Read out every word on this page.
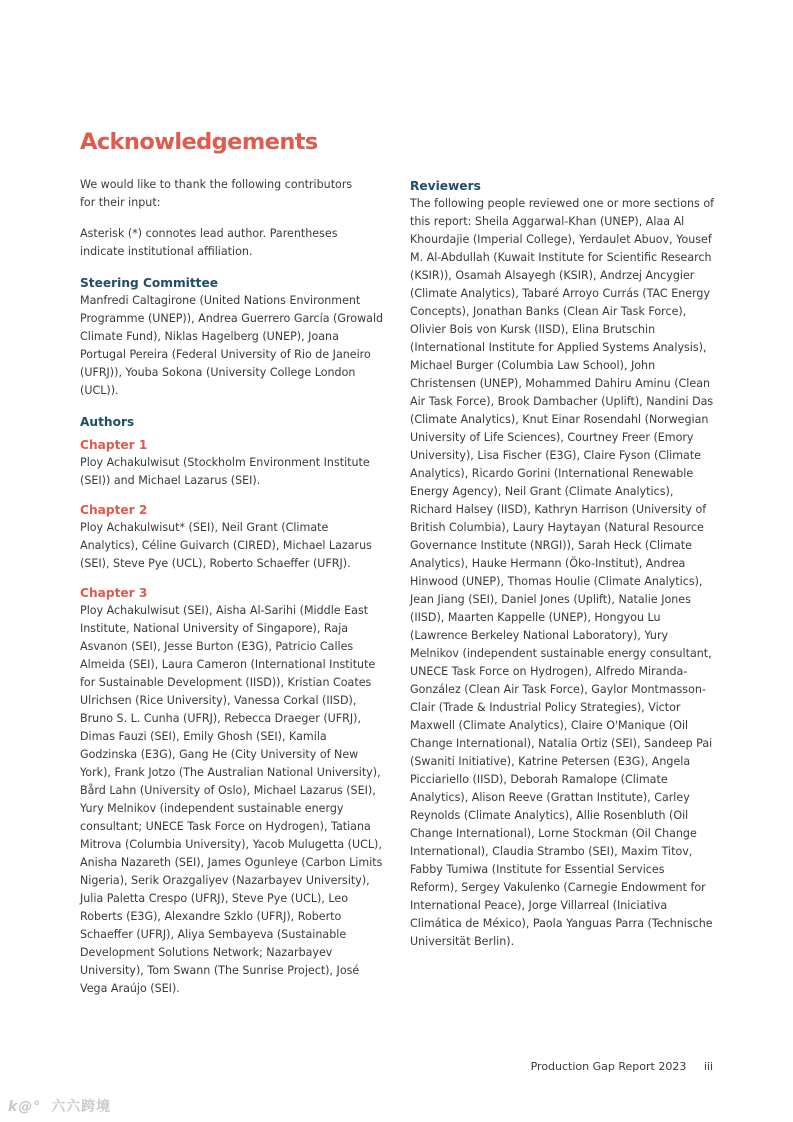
Acknowledgements

We would like to thank the following contributors for their input:

Asterisk (*) connotes lead author. Parentheses indicate institutional affiliation.

Steering Committee

Manfredi Caltagirone (United Nations Environment Programme (UNEP)), Andrea Guerrero García (Growald Climate Fund), Niklas Hagelberg (UNEP), Joana Portugal Pereira (Federal University of Rio de Janeiro (UFRJ)), Youba Sokona (University College London (UCL)).

Authors

Chapter 1

Ploy Achakulwisut (Stockholm Environment Institute (SEI)) and Michael Lazarus (SEI).

Chapter 2

Ploy Achakulwisut* (SEI), Neil Grant (Climate Analytics), Céline Guivarch (CIRED), Michael Lazarus (SEI), Steve Pye (UCL), Roberto Schaeffer (UFRJ).

Chapter 3

Ploy Achakulwisut (SEI), Aisha Al-Sarihi (Middle East Institute, National University of Singapore), Raja Asvanon (SEI), Jesse Burton (E3G), Patricio Calles Almeida (SEI), Laura Cameron (International Institute for Sustainable Development (IISD)), Kristian Coates Ulrichsen (Rice University), Vanessa Corkal (IISD), Bruno S. L. Cunha (UFRJ), Rebecca Draeger (UFRJ), Dimas Fauzi (SEI), Emily Ghosh (SEI), Kamila Godzinska (E3G), Gang He (City University of New York), Frank Jotzo (The Australian National University), Bård Lahn (University of Oslo), Michael Lazarus (SEI), Yury Melnikov (independent sustainable energy consultant; UNECE Task Force on Hydrogen), Tatiana Mitrova (Columbia University), Yacob Mulugetta (UCL), Anisha Nazareth (SEI), James Ogunleye (Carbon Limits Nigeria), Serik Orazgaliyev (Nazarbayev University), Julia Paletta Crespo (UFRJ), Steve Pye (UCL), Leo Roberts (E3G), Alexandre Szklo (UFRJ), Roberto Schaeffer (UFRJ), Aliya Sembayeva (Sustainable Development Solutions Network; Nazarbayev University), Tom Swann (The Sunrise Project), José Vega Araújo (SEI).

Reviewers

The following people reviewed one or more sections of this report: Sheila Aggarwal-Khan (UNEP), Alaa Al Khourdajie (Imperial College), Yerdaulet Abuov, Yousef M. Al-Abdullah (Kuwait Institute for Scientific Research (KSIR)), Osamah Alsayegh (KSIR), Andrzej Ancygier (Climate Analytics), Tabaré Arroyo Currás (TAC Energy Concepts), Jonathan Banks (Clean Air Task Force), Olivier Bois von Kursk (IISD), Elina Brutschin (International Institute for Applied Systems Analysis), Michael Burger (Columbia Law School), John Christensen (UNEP), Mohammed Dahiru Aminu (Clean Air Task Force), Brook Dambacher (Uplift), Nandini Das (Climate Analytics), Knut Einar Rosendahl (Norwegian University of Life Sciences), Courtney Freer (Emory University), Lisa Fischer (E3G), Claire Fyson (Climate Analytics), Ricardo Gorini (International Renewable Energy Agency), Neil Grant (Climate Analytics), Richard Halsey (IISD), Kathryn Harrison (University of British Columbia), Laury Haytayan (Natural Resource Governance Institute (NRGI)), Sarah Heck (Climate Analytics), Hauke Hermann (Öko-Institut), Andrea Hinwood (UNEP), Thomas Houlie (Climate Analytics), Jean Jiang (SEI), Daniel Jones (Uplift), Natalie Jones (IISD), Maarten Kappelle (UNEP), Hongyou Lu (Lawrence Berkeley National Laboratory), Yury Melnikov (independent sustainable energy consultant, UNECE Task Force on Hydrogen), Alfredo Miranda-González (Clean Air Task Force), Gaylor Montmasson-Clair (Trade & Industrial Policy Strategies), Victor Maxwell (Climate Analytics), Claire O'Manique (Oil Change International), Natalia Ortiz (SEI), Sandeep Pai (Swaniti Initiative), Katrine Petersen (E3G), Angela Picciariello (IISD), Deborah Ramalope (Climate Analytics), Alison Reeve (Grattan Institute), Carley Reynolds (Climate Analytics), Allie Rosenbluth (Oil Change International), Lorne Stockman (Oil Change International), Claudia Strambo (SEI), Maxim Titov, Fabby Tumiwa (Institute for Essential Services Reform), Sergey Vakulenko (Carnegie Endowment for International Peace), Jorge Villarreal (Iniciativa Climática de México), Paola Yanguas Parra (Technische Universität Berlin).

Production Gap Report 2023 iii
k@° 六六跨境
